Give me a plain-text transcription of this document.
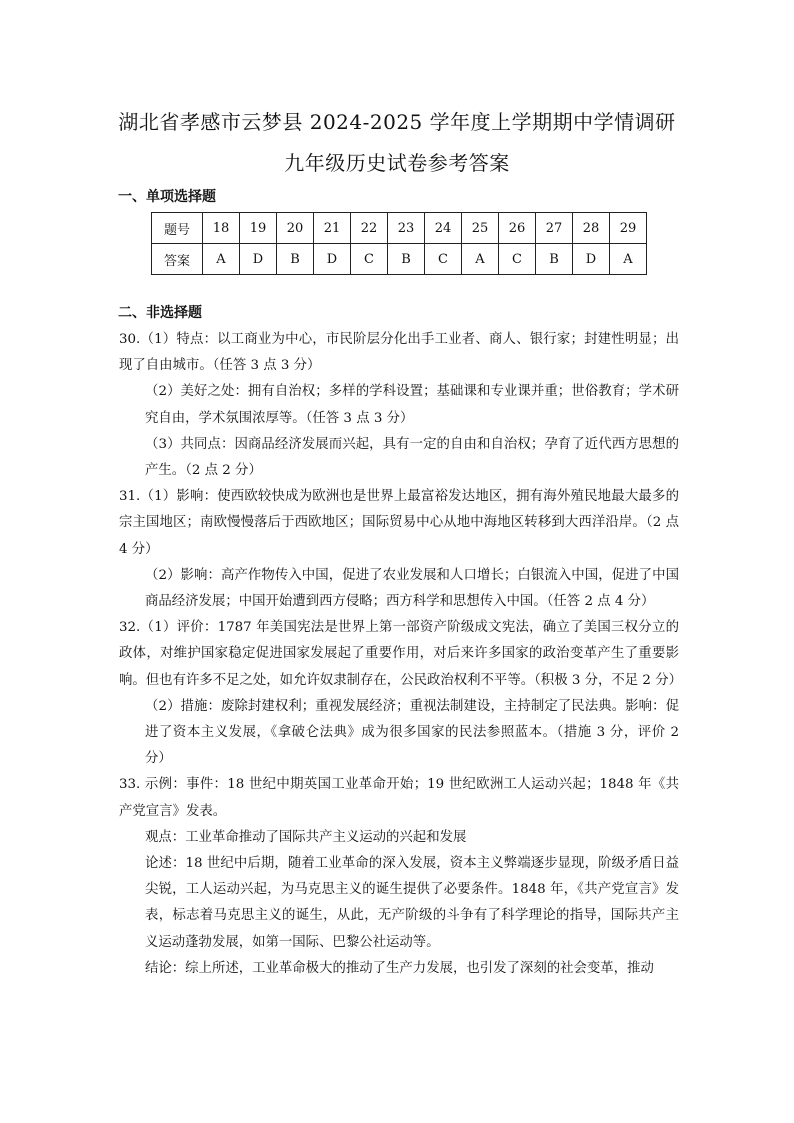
湖北省孝感市云梦县 2024-2025 学年度上学期期中学情调研
九年级历史试卷参考答案
一、单项选择题
题号	18	19	20	21	22	23	24	25	26	27	28	29
答案	A	D	B	D	C	B	C	A	C	B	D	A
二、非选择题

30.（1）特点：以工商业为中心，市民阶层分化出手工业者、商人、银行家；封建性明显；出现了自由城市。（任答 3 点 3 分）

（2）美好之处：拥有自治权；多样的学科设置；基础课和专业课并重；世俗教育；学术研究自由，学术氛围浓厚等。（任答 3 点 3 分）

（3）共同点：因商品经济发展而兴起，具有一定的自由和自治权；孕育了近代西方思想的产生。（2 点 2 分）

31.（1）影响：使西欧较快成为欧洲也是世界上最富裕发达地区，拥有海外殖民地最大最多的宗主国地区；南欧慢慢落后于西欧地区；国际贸易中心从地中海地区转移到大西洋沿岸。（2 点 4 分）

（2）影响：高产作物传入中国，促进了农业发展和人口增长；白银流入中国，促进了中国商品经济发展；中国开始遭到西方侵略；西方科学和思想传入中国。（任答 2 点 4 分）

32.（1）评价：1787 年美国宪法是世界上第一部资产阶级成文宪法，确立了美国三权分立的政体，对维护国家稳定促进国家发展起了重要作用，对后来许多国家的政治变革产生了重要影响。但也有许多不足之处，如允许奴隶制存在，公民政治权利不平等。（积极 3 分，不足 2 分）

（2）措施：废除封建权利；重视发展经济；重视法制建设，主持制定了民法典。影响：促进了资本主义发展，《拿破仑法典》成为很多国家的民法参照蓝本。（措施 3 分，评价 2 分）

33. 示例：事件：18 世纪中期英国工业革命开始；19 世纪欧洲工人运动兴起；1848 年《共产党宣言》发表。

观点：工业革命推动了国际共产主义运动的兴起和发展

论述：18 世纪中后期，随着工业革命的深入发展，资本主义弊端逐步显现，阶级矛盾日益尖锐，工人运动兴起，为马克思主义的诞生提供了必要条件。1848 年，《共产党宣言》发表，标志着马克思主义的诞生，从此，无产阶级的斗争有了科学理论的指导，国际共产主义运动蓬勃发展，如第一国际、巴黎公社运动等。

结论：综上所述，工业革命极大的推动了生产力发展，也引发了深刻的社会变革，推动
